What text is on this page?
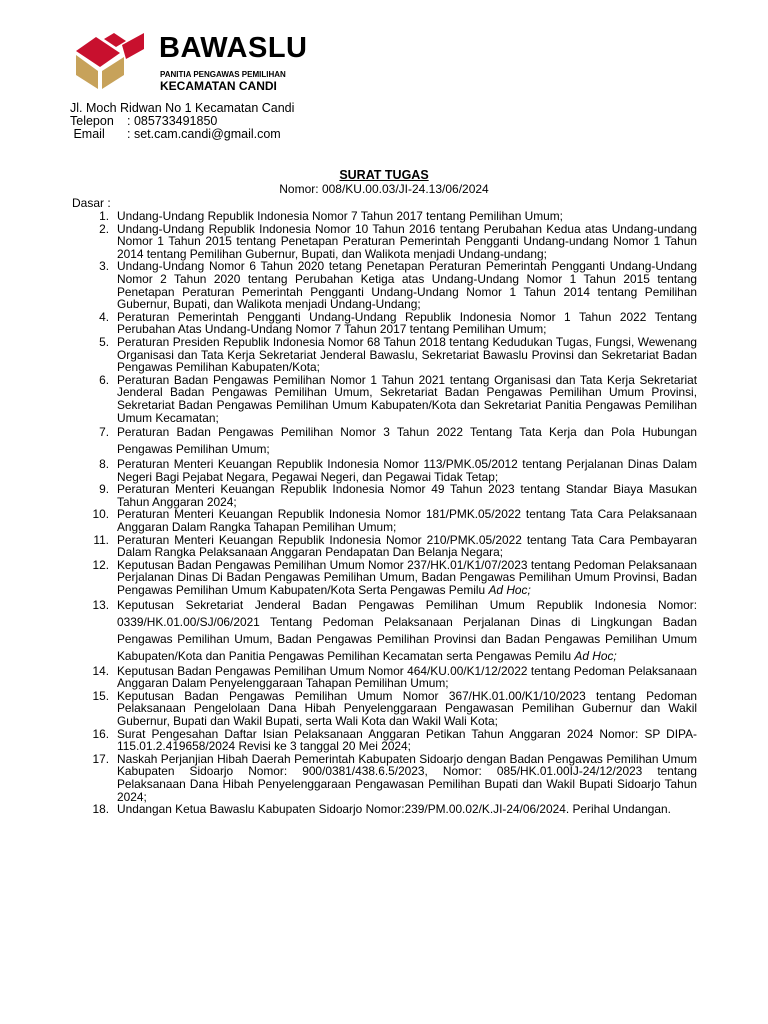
BAWASLU
PANITIA PENGAWAS PEMILIHAN
KECAMATAN CANDI
Jl. Moch Ridwan No 1 Kecamatan Candi
Telepon	: 085733491850
Email	: set.cam.candi@gmail.com
SURAT TUGAS
Nomor: 008/KU.00.03/JI-24.13/06/2024
Dasar :
1. Undang-Undang Republik Indonesia Nomor 7 Tahun 2017 tentang Pemilihan Umum;
2. Undang-Undang Republik Indonesia Nomor 10 Tahun 2016 tentang Perubahan Kedua atas Undang-undang Nomor 1 Tahun 2015 tentang Penetapan Peraturan Pemerintah Pengganti Undang-undang Nomor 1 Tahun 2014 tentang Pemilihan Gubernur, Bupati, dan Walikota menjadi Undang-undang;
3. Undang-Undang Nomor 6 Tahun 2020 tetang Penetapan Peraturan Pemerintah Pengganti Undang-Undang Nomor 2 Tahun 2020 tentang Perubahan Ketiga atas Undang-Undang Nomor 1 Tahun 2015 tentang Penetapan Peraturan Pemerintah Pengganti Undang-Undang Nomor 1 Tahun 2014 tentang Pemilihan Gubernur, Bupati, dan Walikota menjadi Undang-Undang;
4. Peraturan Pemerintah Pengganti Undang-Undang Republik Indonesia Nomor 1 Tahun 2022 Tentang Perubahan Atas Undang-Undang Nomor 7 Tahun 2017 tentang Pemilihan Umum;
5. Peraturan Presiden Republik Indonesia Nomor 68 Tahun 2018 tentang Kedudukan Tugas, Fungsi, Wewenang Organisasi dan Tata Kerja Sekretariat Jenderal Bawaslu, Sekretariat Bawaslu Provinsi dan Sekretariat Badan Pengawas Pemilihan Kabupaten/Kota;
6. Peraturan Badan Pengawas Pemilihan Nomor 1 Tahun 2021 tentang Organisasi dan Tata Kerja Sekretariat Jenderal Badan Pengawas Pemilihan Umum, Sekretariat Badan Pengawas Pemilihan Umum Provinsi, Sekretariat Badan Pengawas Pemilihan Umum Kabupaten/Kota dan Sekretariat Panitia Pengawas Pemilihan Umum Kecamatan;
7. Peraturan Badan Pengawas Pemilihan Nomor 3 Tahun 2022 Tentang Tata Kerja dan Pola Hubungan Pengawas Pemilihan Umum;
8. Peraturan Menteri Keuangan Republik Indonesia Nomor 113/PMK.05/2012 tentang Perjalanan Dinas Dalam Negeri Bagi Pejabat Negara, Pegawai Negeri, dan Pegawai Tidak Tetap;
9. Peraturan Menteri Keuangan Republik Indonesia Nomor 49 Tahun 2023 tentang Standar Biaya Masukan Tahun Anggaran 2024;
10. Peraturan Menteri Keuangan Republik Indonesia Nomor 181/PMK.05/2022 tentang Tata Cara Pelaksanaan Anggaran Dalam Rangka Tahapan Pemilihan Umum;
11. Peraturan Menteri Keuangan Republik Indonesia Nomor 210/PMK.05/2022 tentang Tata Cara Pembayaran Dalam Rangka Pelaksanaan Anggaran Pendapatan Dan Belanja Negara;
12. Keputusan Badan Pengawas Pemilihan Umum Nomor 237/HK.01/K1/07/2023 tentang Pedoman Pelaksanaan Perjalanan Dinas Di Badan Pengawas Pemilihan Umum, Badan Pengawas Pemilihan Umum Provinsi, Badan Pengawas Pemilihan Umum Kabupaten/Kota Serta Pengawas Pemilu Ad Hoc;
13. Keputusan Sekretariat Jenderal Badan Pengawas Pemilihan Umum Republik Indonesia Nomor: 0339/HK.01.00/SJ/06/2021 Tentang Pedoman Pelaksanaan Perjalanan Dinas di Lingkungan Badan Pengawas Pemilihan Umum, Badan Pengawas Pemilihan Provinsi dan Badan Pengawas Pemilihan Umum Kabupaten/Kota dan Panitia Pengawas Pemilihan Kecamatan serta Pengawas Pemilu Ad Hoc;
14. Keputusan Badan Pengawas Pemilihan Umum Nomor 464/KU.00/K1/12/2022 tentang Pedoman Pelaksanaan Anggaran Dalam Penyelenggaraan Tahapan Pemilihan Umum;
15. Keputusan Badan Pengawas Pemilihan Umum Nomor 367/HK.01.00/K1/10/2023 tentang Pedoman Pelaksanaan Pengelolaan Dana Hibah Penyelenggaraan Pengawasan Pemilihan Gubernur dan Wakil Gubernur, Bupati dan Wakil Bupati, serta Wali Kota dan Wakil Wali Kota;
16. Surat Pengesahan Daftar Isian Pelaksanaan Anggaran Petikan Tahun Anggaran 2024 Nomor: SP DIPA-115.01.2.419658/2024 Revisi ke 3 tanggal 20 Mei 2024;
17. Naskah Perjanjian Hibah Daerah Pemerintah Kabupaten Sidoarjo dengan Badan Pengawas Pemilihan Umum Kabupaten Sidoarjo Nomor: 900/0381/438.6.5/2023, Nomor: 085/HK.01.00IJ-24/12/2023 tentang Pelaksanaan Dana Hibah Penyelenggaraan Pengawasan Pemilihan Bupati dan Wakil Bupati Sidoarjo Tahun 2024;
18. Undangan Ketua Bawaslu Kabupaten Sidoarjo Nomor:239/PM.00.02/K.JI-24/06/2024. Perihal Undangan.
